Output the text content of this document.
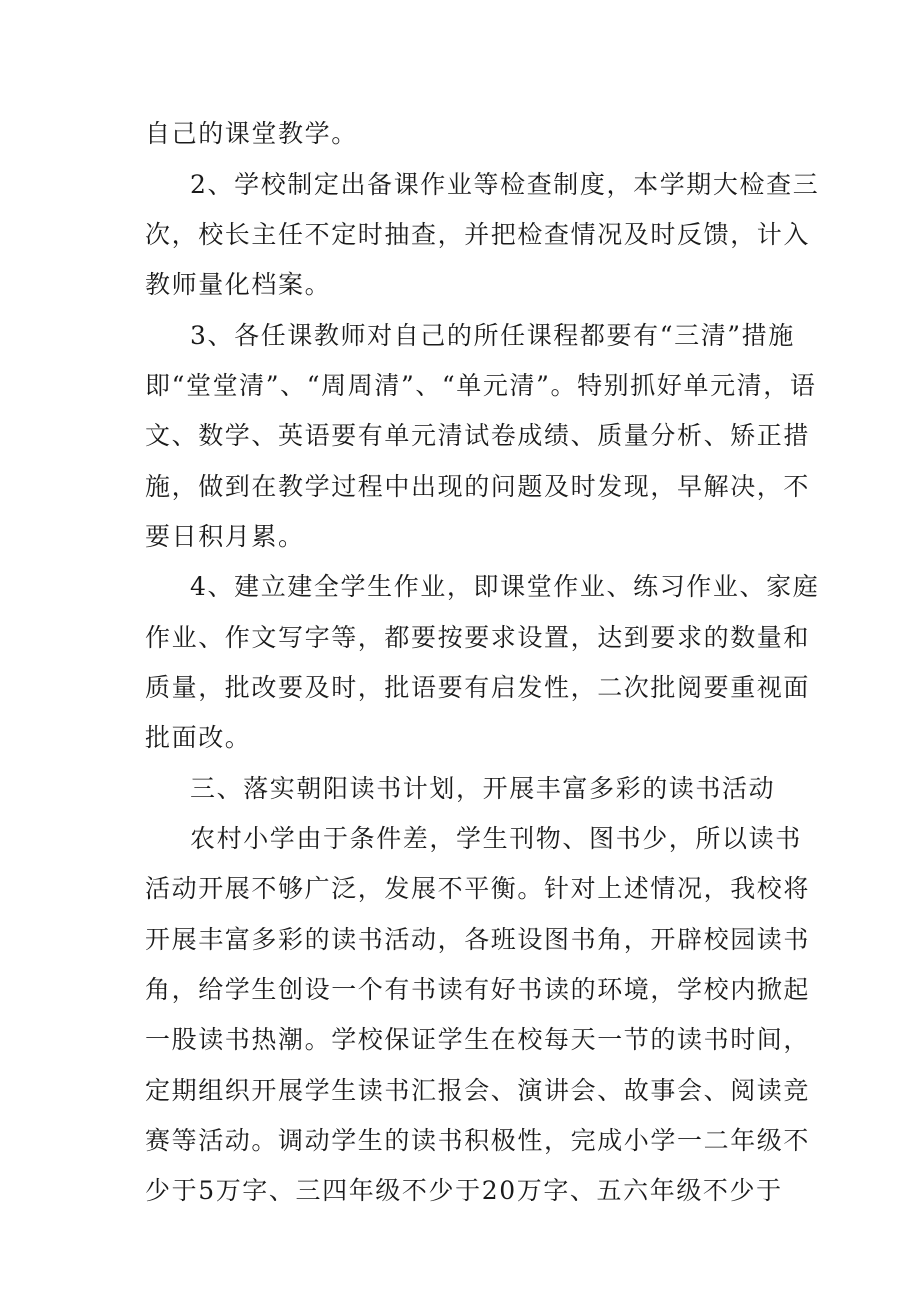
自己的课堂教学。
2、学校制定出备课作业等检查制度，本学期大检查三
次，校长主任不定时抽查，并把检查情况及时反馈，计入
教师量化档案。
3、各任课教师对自己的所任课程都要有“三清”措施
即“堂堂清”、“周周清”、“单元清”。特别抓好单元清，语
文、数学、英语要有单元清试卷成绩、质量分析、矫正措
施，做到在教学过程中出现的问题及时发现，早解决，不
要日积月累。
4、建立建全学生作业，即课堂作业、练习作业、家庭
作业、作文写字等，都要按要求设置，达到要求的数量和
质量，批改要及时，批语要有启发性，二次批阅要重视面
批面改。
三、落实朝阳读书计划，开展丰富多彩的读书活动
农村小学由于条件差，学生刊物、图书少，所以读书
活动开展不够广泛，发展不平衡。针对上述情况，我校将
开展丰富多彩的读书活动，各班设图书角，开辟校园读书
角，给学生创设一个有书读有好书读的环境，学校内掀起
一股读书热潮。学校保证学生在校每天一节的读书时间，
定期组织开展学生读书汇报会、演讲会、故事会、阅读竞
赛等活动。调动学生的读书积极性，完成小学一二年级不
少于5万字、三四年级不少于20万字、五六年级不少于
